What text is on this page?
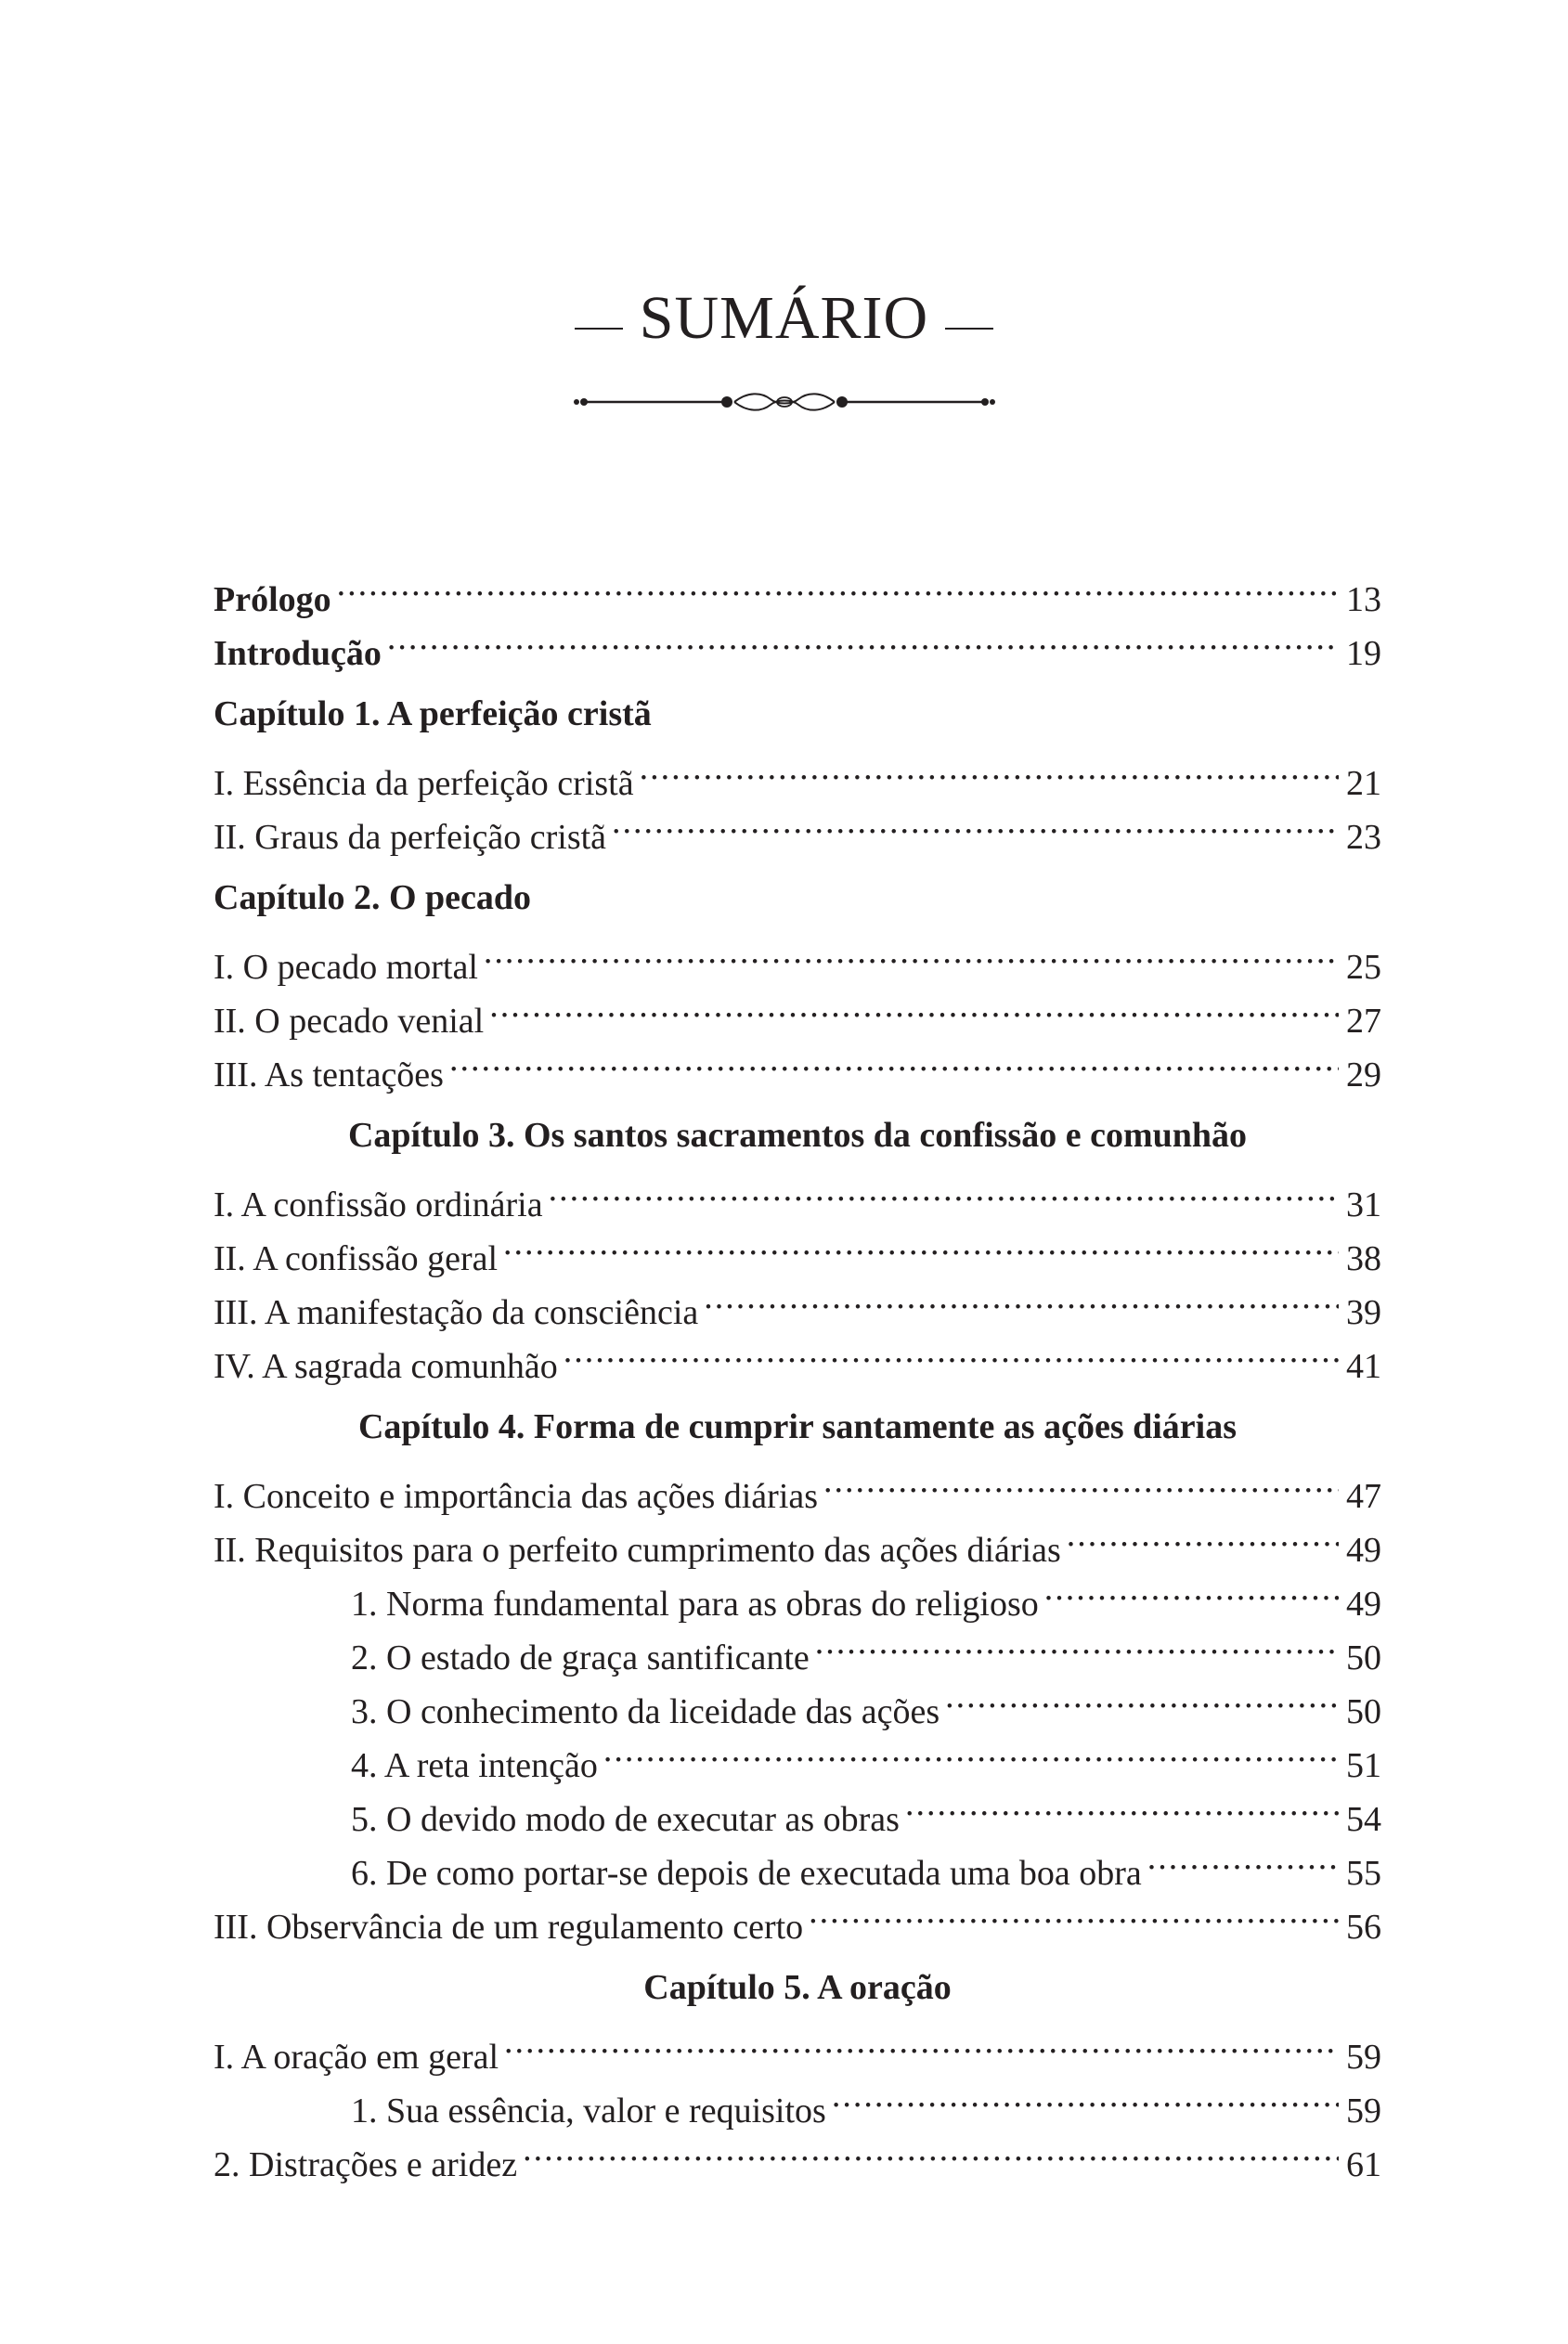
SUMÁRIO
Prólogo .....	13
Introdução .....	19
Capítulo 1. A perfeição cristã
I. Essência da perfeição cristã .....	21
II. Graus da perfeição cristã .....	23
Capítulo 2. O pecado
I. O pecado mortal .....	25
II. O pecado venial .....	27
III. As tentações .....	29
Capítulo 3. Os santos sacramentos da confissão e comunhão
I. A confissão ordinária .....	31
II. A confissão geral .....	38
III. A manifestação da consciência .....	39
IV. A sagrada comunhão .....	41
Capítulo 4. Forma de cumprir santamente as ações diárias
I. Conceito e importância das ações diárias .....	47
II. Requisitos para o perfeito cumprimento das ações diárias .....	49
1. Norma fundamental para as obras do religioso .....	49
2. O estado de graça santificante .....	50
3. O conhecimento da liceidade das ações .....	50
4. A reta intenção .....	51
5. O devido modo de executar as obras .....	54
6. De como portar-se depois de executada uma boa obra .....	55
III. Observância de um regulamento certo .....	56
Capítulo 5. A oração
I. A oração em geral .....	59
1. Sua essência, valor e requisitos .....	59
2. Distrações e aridez .....	61
